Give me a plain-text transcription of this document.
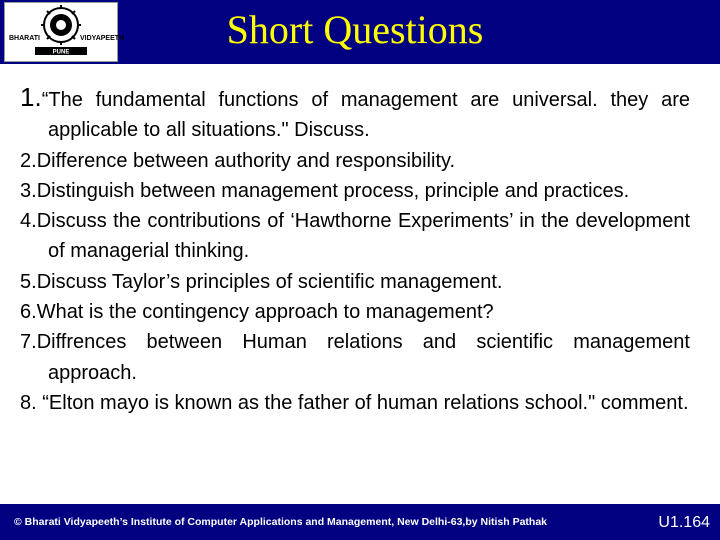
BHARATI	VIDYAPEETH
PUNE
Short Questions

1.“The fundamental functions of management are universal. they are applicable to all situations." Discuss.

2.Difference between authority and responsibility.

3.Distinguish between management process, principle and practices.

4.Discuss the contributions of ‘Hawthorne Experiments’ in the development of managerial thinking.

5.Discuss Taylor’s principles of scientific management.

6.What is the contingency approach to management?

7.Diffrences between Human relations and scientific management approach.

8. “Elton mayo is known as the father of human relations school." comment.

© Bharati Vidyapeeth’s Institute of Computer Applications and Management, New Delhi-63,by Nitish Pathak	U1.164
